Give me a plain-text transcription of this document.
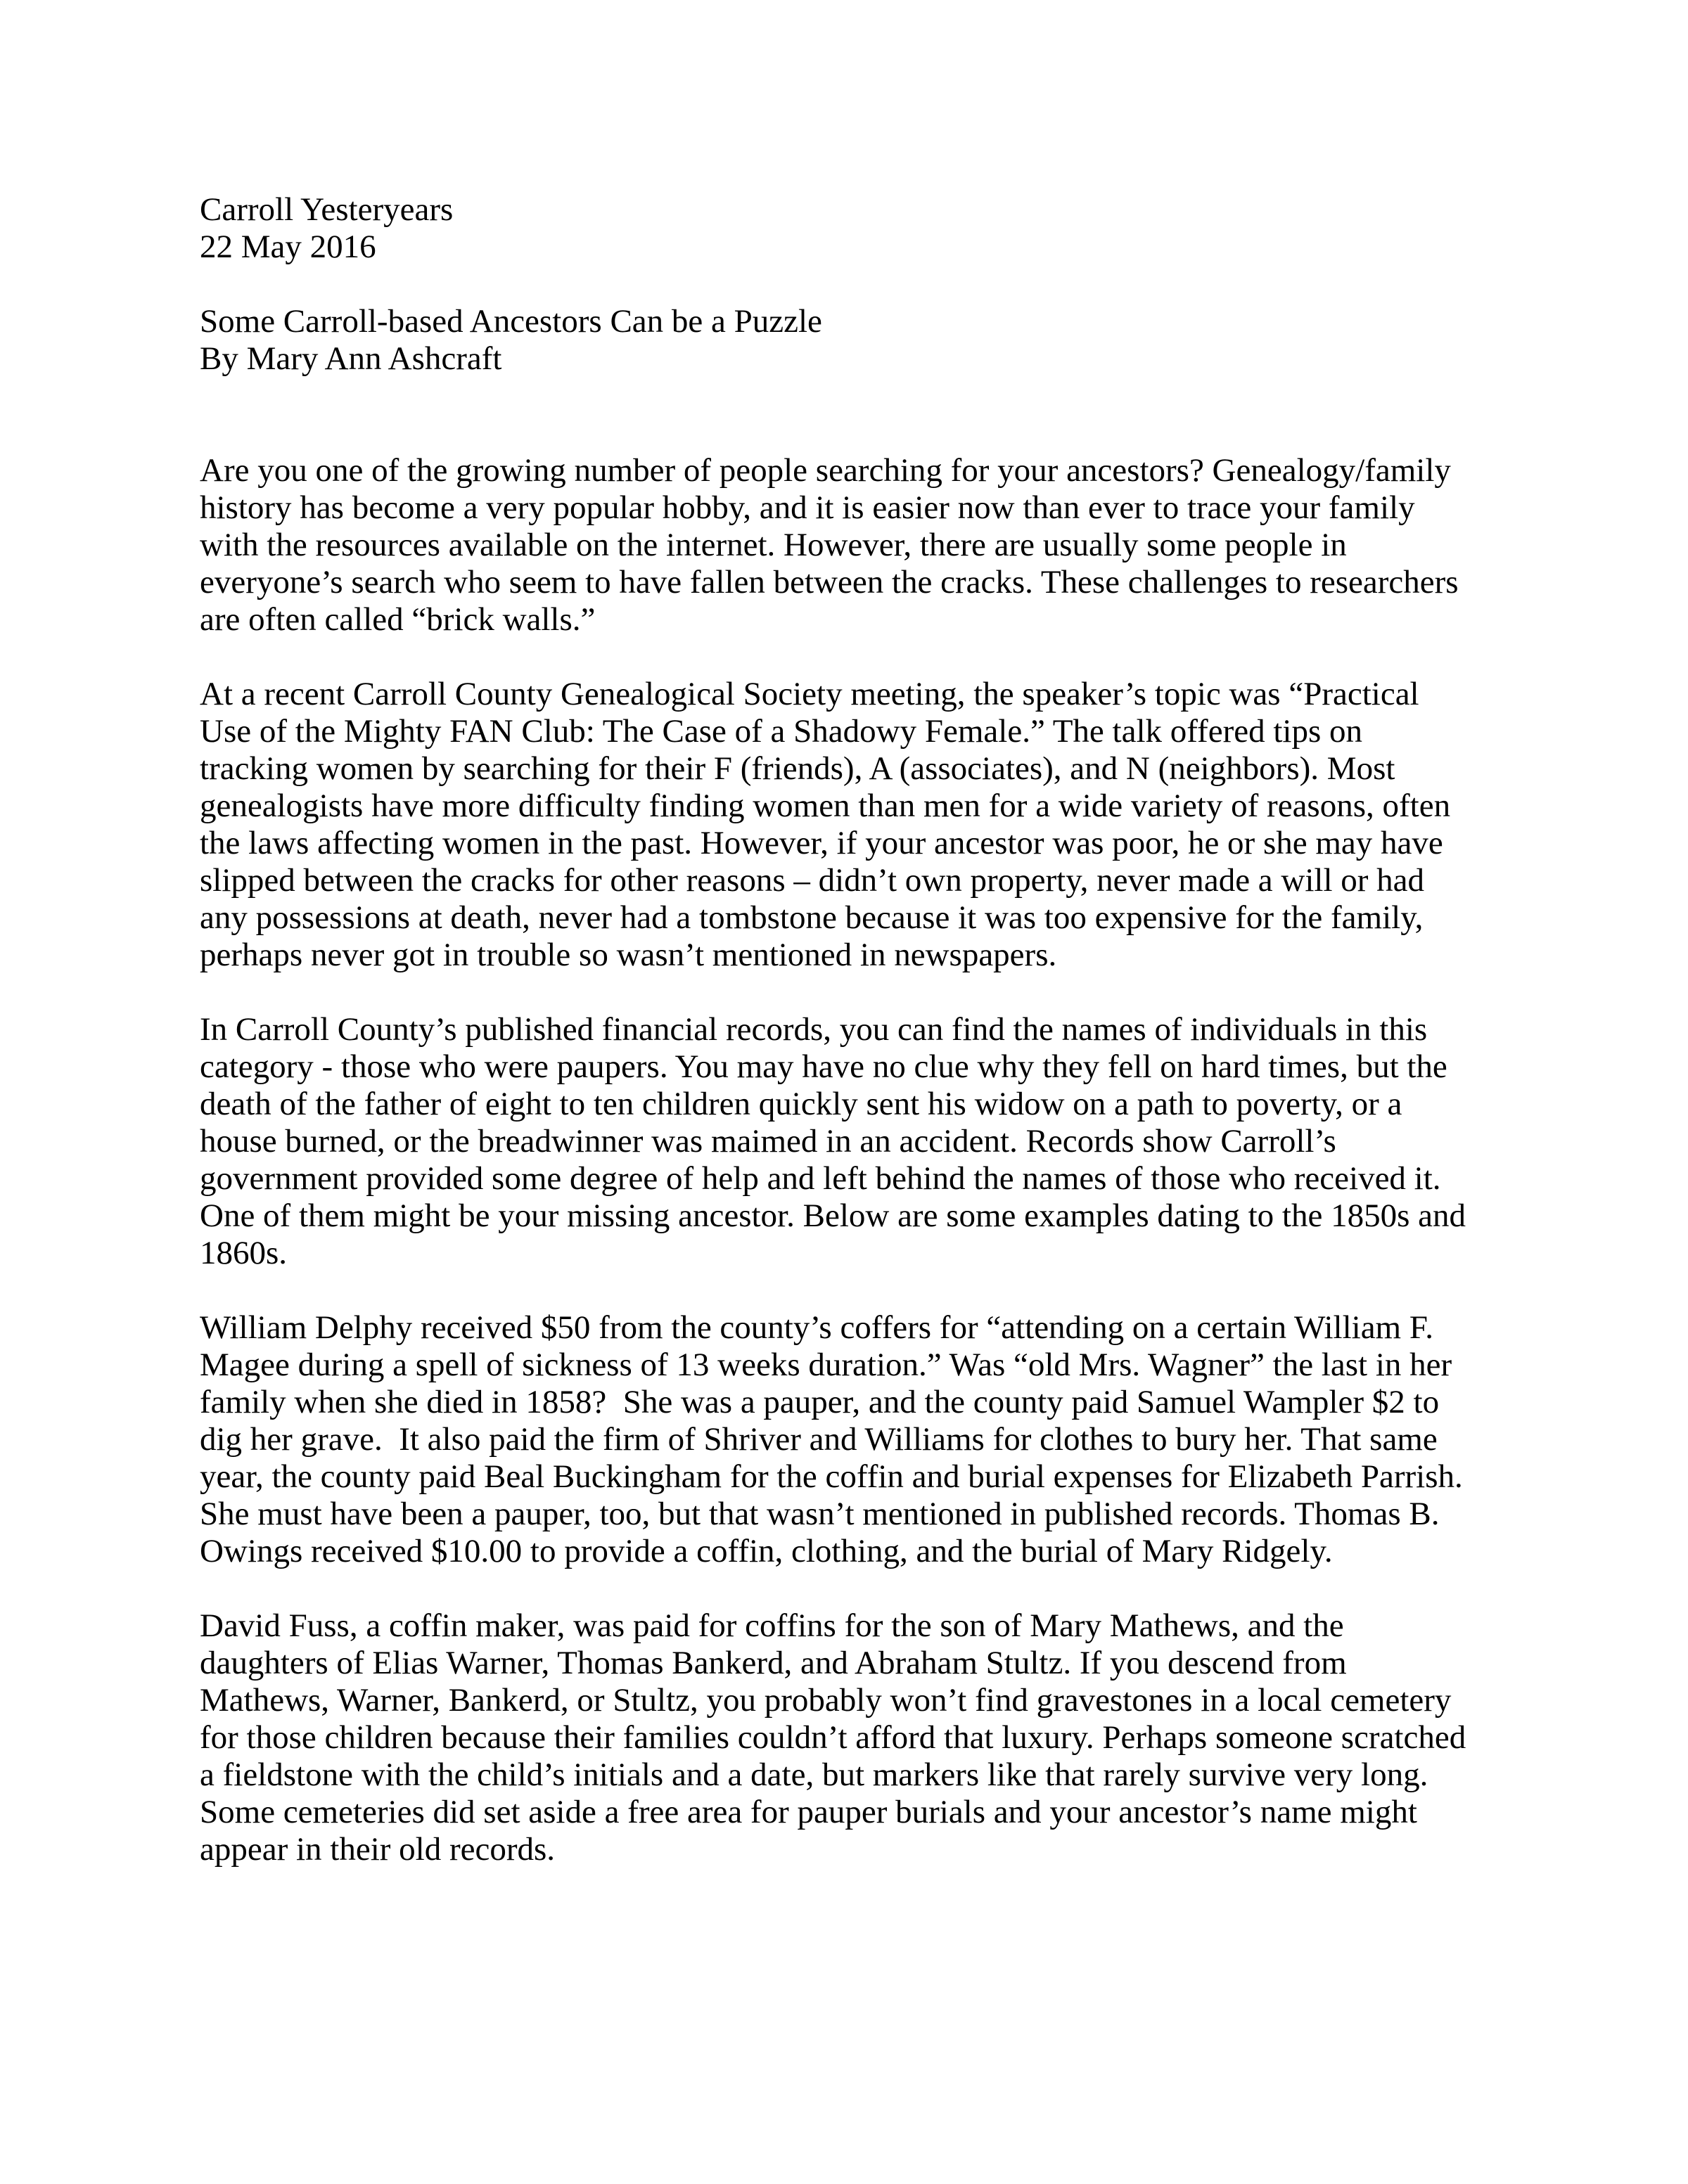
Carroll Yesteryears
22 May 2016
Some Carroll-based Ancestors Can be a Puzzle
By Mary Ann Ashcraft

Are you one of the growing number of people searching for your ancestors? Genealogy/family history has become a very popular hobby, and it is easier now than ever to trace your family with the resources available on the internet. However, there are usually some people in everyone’s search who seem to have fallen between the cracks. These challenges to researchers are often called “brick walls.”

At a recent Carroll County Genealogical Society meeting, the speaker’s topic was “Practical Use of the Mighty FAN Club: The Case of a Shadowy Female.” The talk offered tips on tracking women by searching for their F (friends), A (associates), and N (neighbors). Most genealogists have more difficulty finding women than men for a wide variety of reasons, often the laws affecting women in the past. However, if your ancestor was poor, he or she may have slipped between the cracks for other reasons – didn’t own property, never made a will or had any possessions at death, never had a tombstone because it was too expensive for the family, perhaps never got in trouble so wasn’t mentioned in newspapers.

In Carroll County’s published financial records, you can find the names of individuals in this category - those who were paupers. You may have no clue why they fell on hard times, but the death of the father of eight to ten children quickly sent his widow on a path to poverty, or a house burned, or the breadwinner was maimed in an accident. Records show Carroll’s government provided some degree of help and left behind the names of those who received it. One of them might be your missing ancestor. Below are some examples dating to the 1850s and 1860s.

William Delphy received $50 from the county’s coffers for “attending on a certain William F. Magee during a spell of sickness of 13 weeks duration.” Was “old Mrs. Wagner” the last in her family when she died in 1858?  She was a pauper, and the county paid Samuel Wampler $2 to dig her grave.  It also paid the firm of Shriver and Williams for clothes to bury her. That same year, the county paid Beal Buckingham for the coffin and burial expenses for Elizabeth Parrish. She must have been a pauper, too, but that wasn’t mentioned in published records. Thomas B. Owings received $10.00 to provide a coffin, clothing, and the burial of Mary Ridgely.

David Fuss, a coffin maker, was paid for coffins for the son of Mary Mathews, and the daughters of Elias Warner, Thomas Bankerd, and Abraham Stultz. If you descend from Mathews, Warner, Bankerd, or Stultz, you probably won’t find gravestones in a local cemetery for those children because their families couldn’t afford that luxury. Perhaps someone scratched a fieldstone with the child’s initials and a date, but markers like that rarely survive very long. Some cemeteries did set aside a free area for pauper burials and your ancestor’s name might appear in their old records.
